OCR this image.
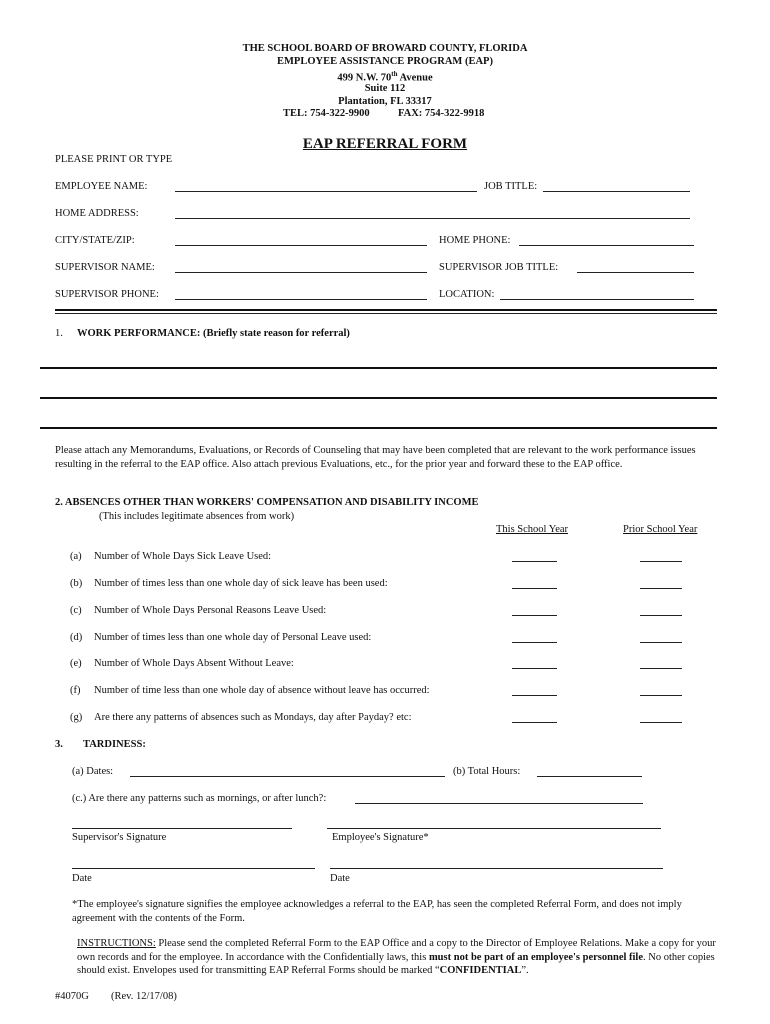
THE SCHOOL BOARD OF BROWARD COUNTY, FLORIDA
EMPLOYEE ASSISTANCE PROGRAM (EAP)
499 N.W. 70th Avenue
Suite 112
Plantation, FL 33317
TEL: 754-322-9900	FAX: 754-322-9918
EAP REFERRAL FORM
PLEASE PRINT OR TYPE
EMPLOYEE NAME:	JOB TITLE:
HOME ADDRESS:
CITY/STATE/ZIP:	HOME PHONE:
SUPERVISOR NAME:	SUPERVISOR JOB TITLE:
SUPERVISOR PHONE:	LOCATION:
1. WORK PERFORMANCE: (Briefly state reason for referral)
Please attach any Memorandums, Evaluations, or Records of Counseling that may have been completed that are relevant to the work performance issues resulting in the referral to the EAP office. Also attach previous Evaluations, etc., for the prior year and forward these to the EAP office.
2. ABSENCES OTHER THAN WORKERS' COMPENSATION AND DISABILITY INCOME
(This includes legitimate absences from work)
This School Year	Prior School Year
(a) Number of Whole Days Sick Leave Used:
(b) Number of times less than one whole day of sick leave has been used:
(c) Number of Whole Days Personal Reasons Leave Used:
(d) Number of times less than one whole day of Personal Leave used:
(e) Number of Whole Days Absent Without Leave:
(f) Number of time less than one whole day of absence without leave has occurred:
(g) Are there any patterns of absences such as Mondays, day after Payday? etc:
3. TARDINESS:
(a) Dates:	(b) Total Hours:
(c.) Are there any patterns such as mornings, or after lunch?:
Supervisor's Signature	Employee's Signature*
Date	Date
*The employee's signature signifies the employee acknowledges a referral to the EAP, has seen the completed Referral Form, and does not imply agreement with the contents of the Form.
INSTRUCTIONS: Please send the completed Referral Form to the EAP Office and a copy to the Director of Employee Relations. Make a copy for your own records and for the employee. In accordance with the Confidentially laws, this must not be part of an employee's personnel file. No other copies should exist. Envelopes used for transmitting EAP Referral Forms should be marked “CONFIDENTIAL”.
#4070G (Rev. 12/17/08)
